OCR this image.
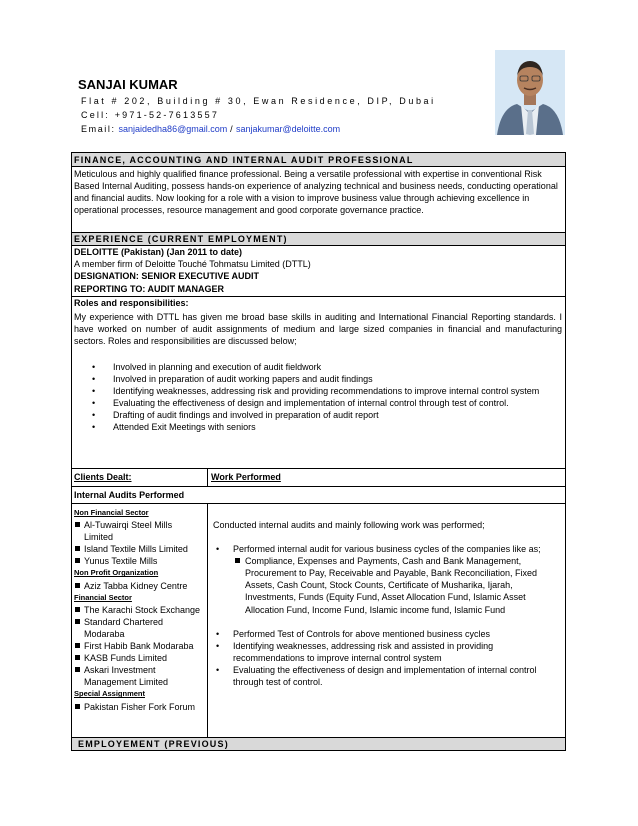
SANJAI KUMAR
Flat # 202, Building # 30, Ewan Residence, DIP, Dubai
Cell: +971-52-7613557
Email: sanjaidedha86@gmail.com / sanjakumar@deloitte.com
FINANCE, ACCOUNTING AND INTERNAL AUDIT PROFESSIONAL
Meticulous and highly qualified finance professional. Being a versatile professional with expertise in conventional Risk Based Internal Auditing, possess hands-on experience of analyzing technical and business needs, conducting operational and financial audits. Now looking for a role with a vision to improve business value through achieving excellence in operational processes, resource management and good corporate governance practice.
EXPERIENCE (CURRENT EMPLOYMENT)
DELOITTE (Pakistan) (Jan 2011 to date)
A member firm of Deloitte Touché Tohmatsu Limited (DTTL)
DESIGNATION: SENIOR EXECUTIVE AUDIT
REPORTING TO: AUDIT MANAGER
Roles and responsibilities:
My experience with DTTL has given me broad base skills in auditing and International Financial Reporting standards. I have worked on number of audit assignments of medium and large sized companies in financial and manufacturing sectors. Roles and responsibilities are discussed below;
• Involved in planning and execution of audit fieldwork
• Involved in preparation of audit working papers and audit findings
• Identifying weaknesses, addressing risk and providing recommendations to improve internal control system
• Evaluating the effectiveness of design and implementation of internal control through test of control.
• Drafting of audit findings and involved in preparation of audit report
• Attended Exit Meetings with seniors
Clients Dealt:	Work Performed
Internal Audits Performed
Non Financial Sector
Al-Tuwairqi Steel Mills Limited
Island Textile Mills Limited
Yunus Textile Mills
Non Profit Organization
Aziz Tabba Kidney Centre
Financial Sector
The Karachi Stock Exchange
Standard Chartered Modaraba
First Habib Bank Modaraba
KASB Funds Limited
Askari Investment Management Limited
Special Assignment
Pakistan Fisher Fork Forum
Conducted internal audits and mainly following work was performed;
• Performed internal audit for various business cycles of the companies like as;
Compliance, Expenses and Payments, Cash and Bank Management, Procurement to Pay, Receivable and Payable, Bank Reconciliation, Fixed Assets, Cash Count, Stock Counts, Certificate of Musharika, Ijarah, Investments, Funds (Equity Fund, Asset Allocation Fund, Islamic Asset Allocation Fund, Income Fund, Islamic income fund, Islamic Fund
• Performed Test of Controls for above mentioned business cycles
• Identifying weaknesses, addressing risk and assisted in providing recommendations to improve internal control system
• Evaluating the effectiveness of design and implementation of internal control through test of control.
EMPLOYEMENT (PREVIOUS)
